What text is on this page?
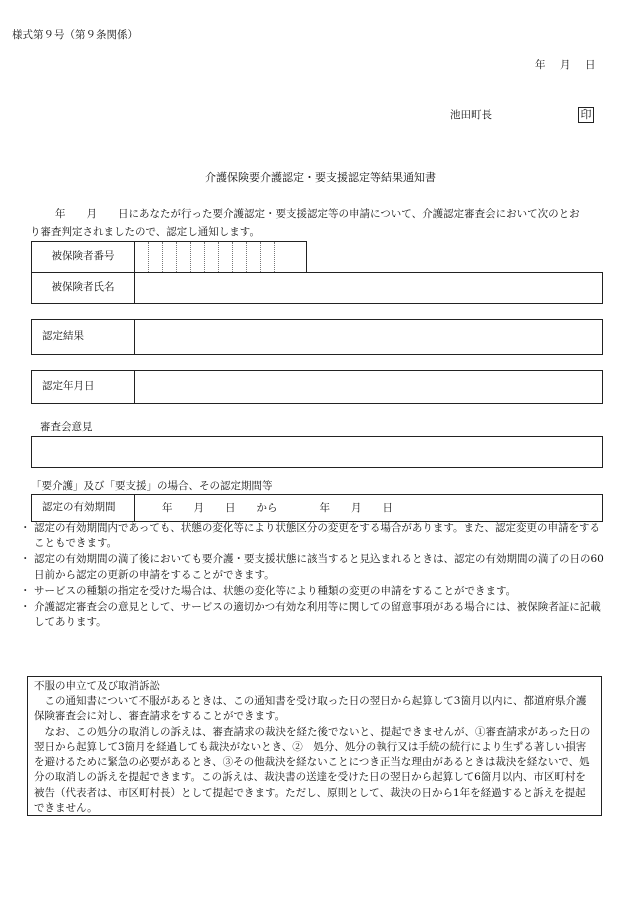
様式第９号（第９条関係）
年　月　日
池田町長	印
介護保険要介護認定・要支援認定等結果通知書
年　　月　　日にあなたが行った要介護認定・要支援認定等の申請について、介護認定審査会において次のとお
り審査判定されましたので、認定し通知します。
被保険者番号
被保険者氏名
認定結果
認定年月日
審査会意見
「要介護」及び「要支援」の場合、その認定期間等
認定の有効期間	年　　月　　日　　から　　　　年　　月　　日
・ 認定の有効期間内であっても、状態の変化等により状態区分の変更をする場合があります。また、認定変更の申請をすることもできます。
・ 認定の有効期間の満了後においても要介護・要支援状態に該当すると見込まれるときは、認定の有効期間の満了の日の60日前から認定の更新の申請をすることができます。
・ サービスの種類の指定を受けた場合は、状態の変化等により種類の変更の申請をすることができます。
・ 介護認定審査会の意見として、サービスの適切かつ有効な利用等に関しての留意事項がある場合には、被保険者証に記載してあります。

不服の申立て及び取消訴訟

この通知書について不服があるときは、この通知書を受け取った日の翌日から起算して3箇月以内に、都道府県介護保険審査会に対し、審査請求をすることができます。

なお、この処分の取消しの訴えは、審査請求の裁決を経た後でないと、提起できませんが、①審査請求があった日の翌日から起算して3箇月を経過しても裁決がないとき、②　処分、処分の執行又は手続の続行により生ずる著しい損害を避けるために緊急の必要があるとき、③その他裁決を経ないことにつき正当な理由があるときは裁決を経ないで、処分の取消しの訴えを提起できます。この訴えは、裁決書の送達を受けた日の翌日から起算して6箇月以内、市区町村を被告（代表者は、市区町村長）として提起できます。ただし、原則として、裁決の日から1年を経過すると訴えを提起できません。
